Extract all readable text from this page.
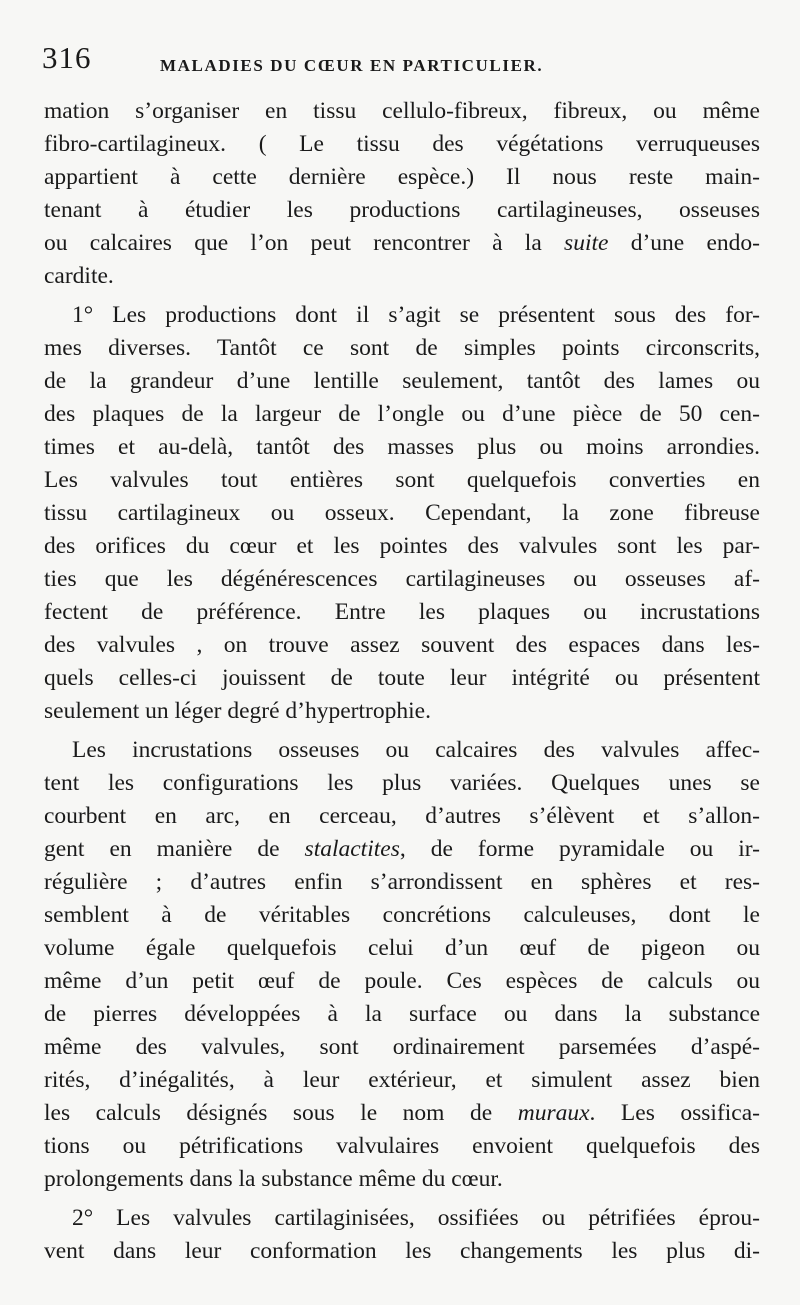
316	MALADIES DU CŒUR EN PARTICULIER.
mation s’organiser en tissu cellulo-fibreux, fibreux, ou même
fibro-cartilagineux. ( Le tissu des végétations verruqueuses
appartient à cette dernière espèce.) Il nous reste main-
tenant à étudier les productions cartilagineuses, osseuses
ou calcaires que l’on peut rencontrer à la suite d’une endo-
cardite.
1° Les productions dont il s’agit se présentent sous des for-
mes diverses. Tantôt ce sont de simples points circonscrits,
de la grandeur d’une lentille seulement, tantôt des lames ou
des plaques de la largeur de l’ongle ou d’une pièce de 50 cen-
times et au-delà, tantôt des masses plus ou moins arrondies.
Les valvules tout entières sont quelquefois converties en
tissu cartilagineux ou osseux. Cependant, la zone fibreuse
des orifices du cœur et les pointes des valvules sont les par-
ties que les dégénérescences cartilagineuses ou osseuses af-
fectent de préférence. Entre les plaques ou incrustations
des valvules , on trouve assez souvent des espaces dans les-
quels celles-ci jouissent de toute leur intégrité ou présentent
seulement un léger degré d’hypertrophie.
Les incrustations osseuses ou calcaires des valvules affec-
tent les configurations les plus variées. Quelques unes se
courbent en arc, en cerceau, d’autres s’élèvent et s’allon-
gent en manière de stalactites, de forme pyramidale ou ir-
régulière ; d’autres enfin s’arrondissent en sphères et res-
semblent à de véritables concrétions calculeuses, dont le
volume égale quelquefois celui d’un œuf de pigeon ou
même d’un petit œuf de poule. Ces espèces de calculs ou
de pierres développées à la surface ou dans la substance
même des valvules, sont ordinairement parsemées d’aspé-
rités, d’inégalités, à leur extérieur, et simulent assez bien
les calculs désignés sous le nom de muraux. Les ossifica-
tions ou pétrifications valvulaires envoient quelquefois des
prolongements dans la substance même du cœur.
2° Les valvules cartilaginisées, ossifiées ou pétrifiées éprou-
vent dans leur conformation les changements les plus di-
